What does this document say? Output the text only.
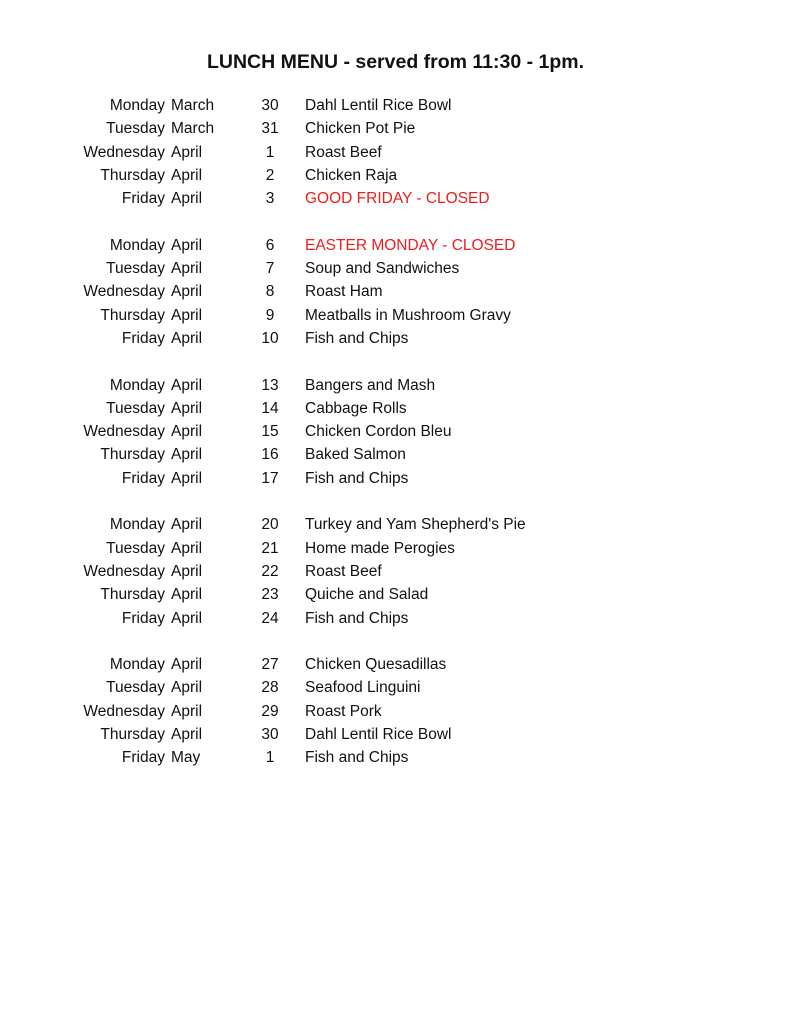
LUNCH MENU - served from 11:30 - 1pm.
Monday March	30	Dahl Lentil Rice Bowl
Tuesday March	31	Chicken Pot Pie
Wednesday April	1	Roast Beef
Thursday April	2	Chicken Raja
Friday April	3	GOOD FRIDAY - CLOSED
Monday April	6	EASTER MONDAY - CLOSED
Tuesday April	7	Soup and Sandwiches
Wednesday April	8	Roast Ham
Thursday April	9	Meatballs in Mushroom Gravy
Friday April	10	Fish and Chips
Monday April	13	Bangers and Mash
Tuesday April	14	Cabbage Rolls
Wednesday April	15	Chicken Cordon Bleu
Thursday April	16	Baked Salmon
Friday April	17	Fish and Chips
Monday April	20	Turkey and Yam Shepherd's Pie
Tuesday April	21	Home made Perogies
Wednesday April	22	Roast Beef
Thursday April	23	Quiche and Salad
Friday April	24	Fish and Chips
Monday April	27	Chicken Quesadillas
Tuesday April	28	Seafood Linguini
Wednesday April	29	Roast Pork
Thursday April	30	Dahl Lentil Rice Bowl
Friday May	1	Fish and Chips
